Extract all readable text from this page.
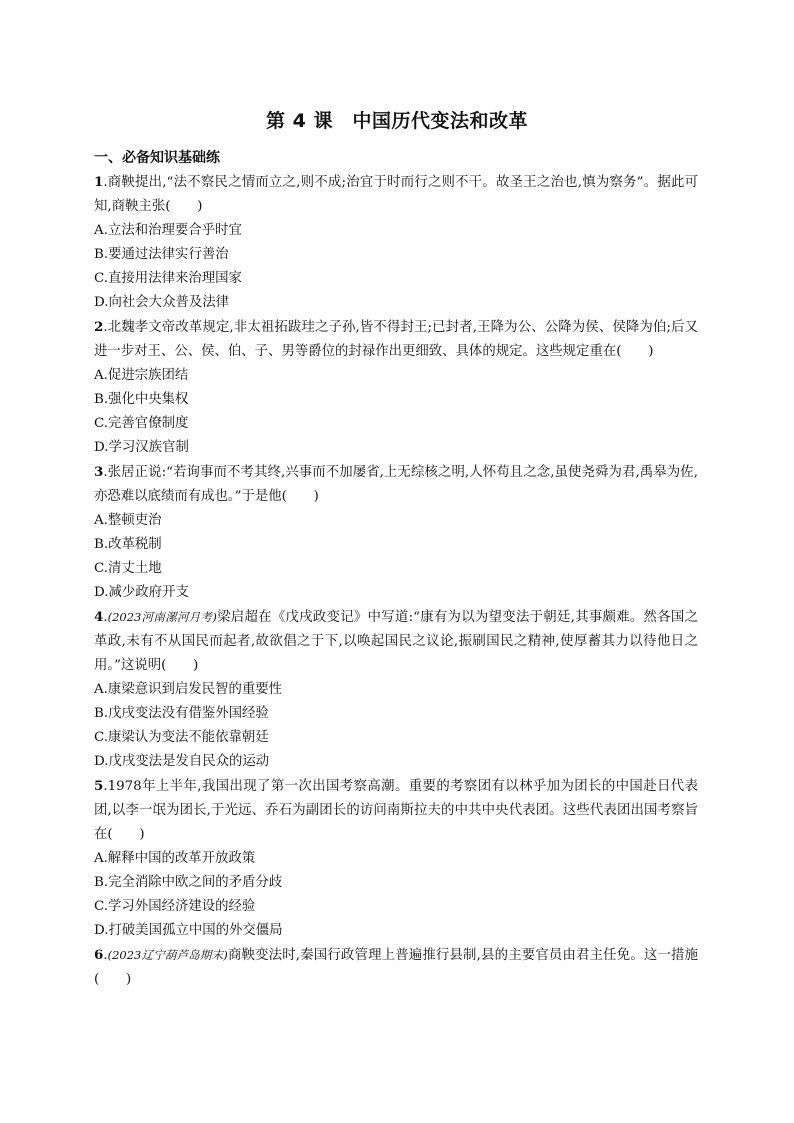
第 4 课　中国历代变法和改革
一、必备知识基础练
1.商鞅提出,“法不察民之情而立之,则不成;治宜于时而行之则不干。故圣王之治也,慎为察务”。据此可知,商鞅主张(　　)
A.立法和治理要合乎时宜
B.要通过法律实行善治
C.直接用法律来治理国家
D.向社会大众普及法律
2.北魏孝文帝改革规定,非太祖拓跋珪之子孙,皆不得封王;已封者,王降为公、公降为侯、侯降为伯;后又进一步对王、公、侯、伯、子、男等爵位的封禄作出更细致、具体的规定。这些规定重在(　　)
A.促进宗族团结
B.强化中央集权
C.完善官僚制度
D.学习汉族官制
3.张居正说:“若询事而不考其终,兴事而不加屡省,上无综核之明,人怀苟且之念,虽使尧舜为君,禹皋为佐,亦恐难以底绩而有成也。”于是他(　　)
A.整顿吏治
B.改革税制
C.清丈土地
D.减少政府开支
4.(2023河南漯河月考)梁启超在《戊戌政变记》中写道:“康有为以为望变法于朝廷,其事颇难。然各国之革政,未有不从国民而起者,故欲倡之于下,以唤起国民之议论,振刷国民之精神,使厚蓄其力以待他日之用。”这说明(　　)
A.康梁意识到启发民智的重要性
B.戊戌变法没有借鉴外国经验
C.康梁认为变法不能依靠朝廷
D.戊戌变法是发自民众的运动
5.1978年上半年,我国出现了第一次出国考察高潮。重要的考察团有以林乎加为团长的中国赴日代表团,以李一氓为团长,于光远、乔石为副团长的访问南斯拉夫的中共中央代表团。这些代表团出国考察旨在(　　)
A.解释中国的改革开放政策
B.完全消除中欧之间的矛盾分歧
C.学习外国经济建设的经验
D.打破美国孤立中国的外交僵局
6.(2023辽宁葫芦岛期末)商鞅变法时,秦国行政管理上普遍推行县制,县的主要官员由君主任免。这一措施(　　)
